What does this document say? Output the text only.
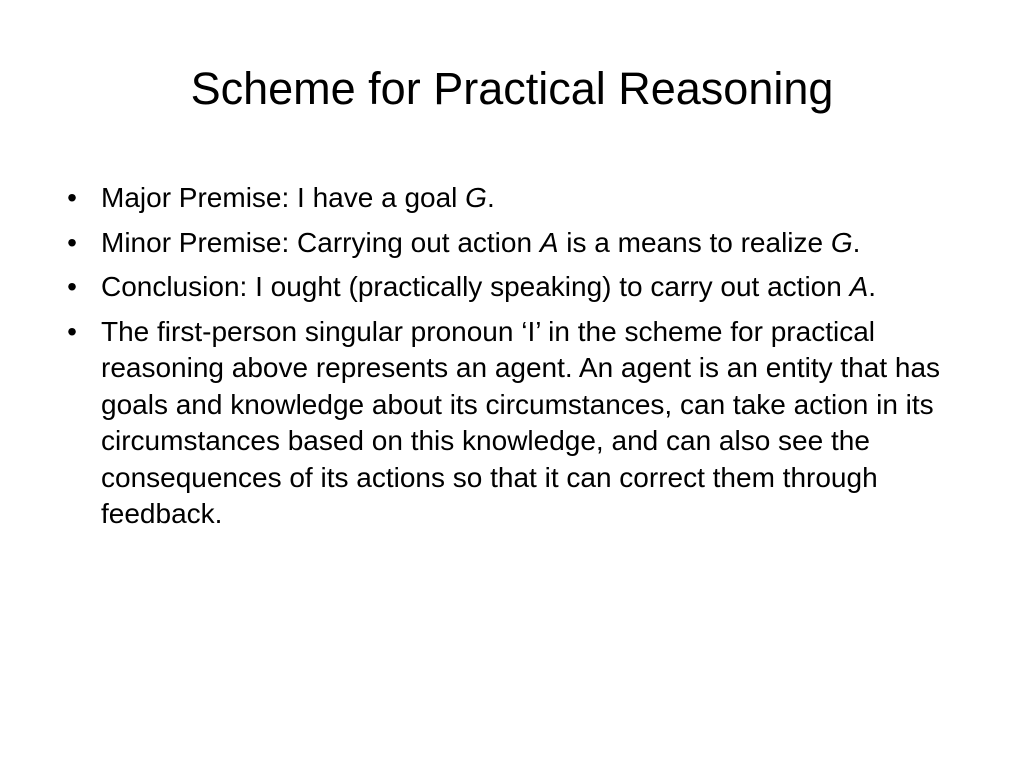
Scheme for Practical Reasoning
• Major Premise: I have a goal G.
• Minor Premise: Carrying out action A is a means to realize G.
• Conclusion: I ought (practically speaking) to carry out action A.
• The first-person singular pronoun ‘I’ in the scheme for practical reasoning above represents an agent. An agent is an entity that has goals and knowledge about its circumstances, can take action in its circumstances based on this knowledge, and can also see the consequences of its actions so that it can correct them through feedback.
